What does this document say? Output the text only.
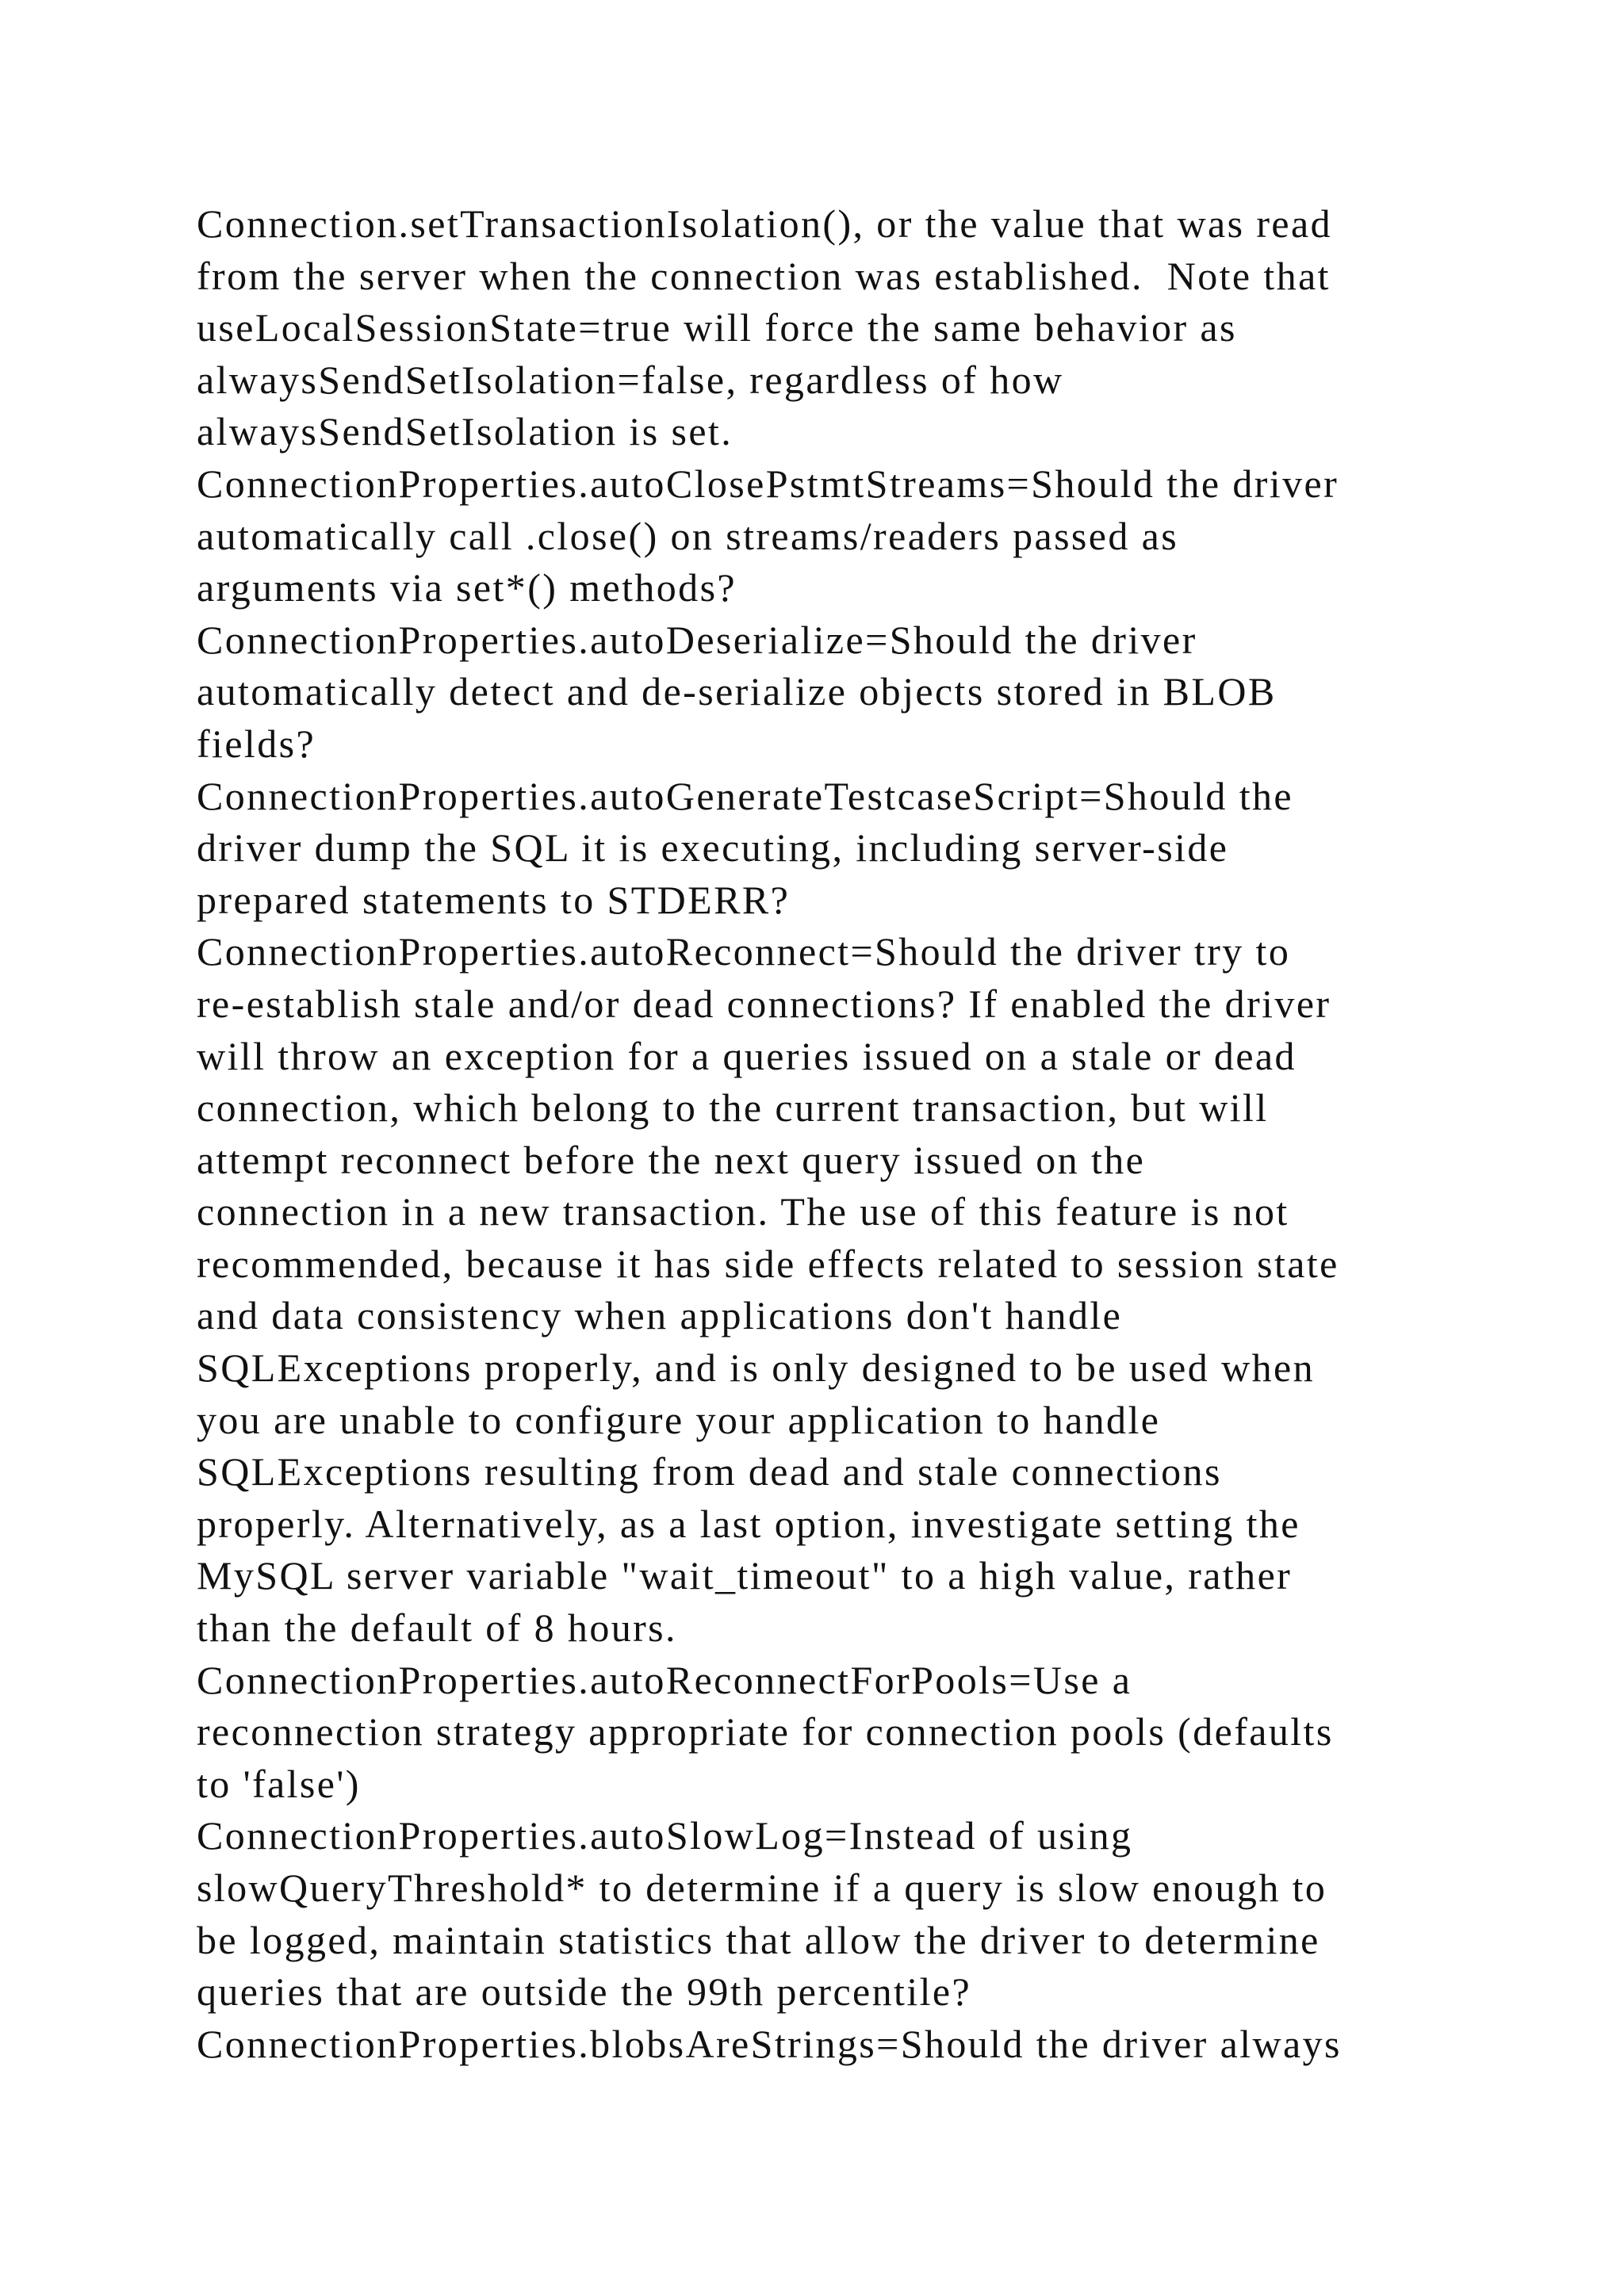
Connection.setTransactionIsolation(), or the value that was read
from the server when the connection was established.  Note that
useLocalSessionState=true will force the same behavior as
alwaysSendSetIsolation=false, regardless of how
alwaysSendSetIsolation is set.
ConnectionProperties.autoClosePstmtStreams=Should the driver
automatically call .close() on streams/readers passed as
arguments via set*() methods?
ConnectionProperties.autoDeserialize=Should the driver
automatically detect and de-serialize objects stored in BLOB
fields?
ConnectionProperties.autoGenerateTestcaseScript=Should the
driver dump the SQL it is executing, including server-side
prepared statements to STDERR?
ConnectionProperties.autoReconnect=Should the driver try to
re-establish stale and/or dead connections? If enabled the driver
will throw an exception for a queries issued on a stale or dead
connection, which belong to the current transaction, but will
attempt reconnect before the next query issued on the
connection in a new transaction. The use of this feature is not
recommended, because it has side effects related to session state
and data consistency when applications don't handle
SQLExceptions properly, and is only designed to be used when
you are unable to configure your application to handle
SQLExceptions resulting from dead and stale connections
properly. Alternatively, as a last option, investigate setting the
MySQL server variable "wait_timeout" to a high value, rather
than the default of 8 hours.
ConnectionProperties.autoReconnectForPools=Use a
reconnection strategy appropriate for connection pools (defaults
to 'false')
ConnectionProperties.autoSlowLog=Instead of using
slowQueryThreshold* to determine if a query is slow enough to
be logged, maintain statistics that allow the driver to determine
queries that are outside the 99th percentile?
ConnectionProperties.blobsAreStrings=Should the driver always
